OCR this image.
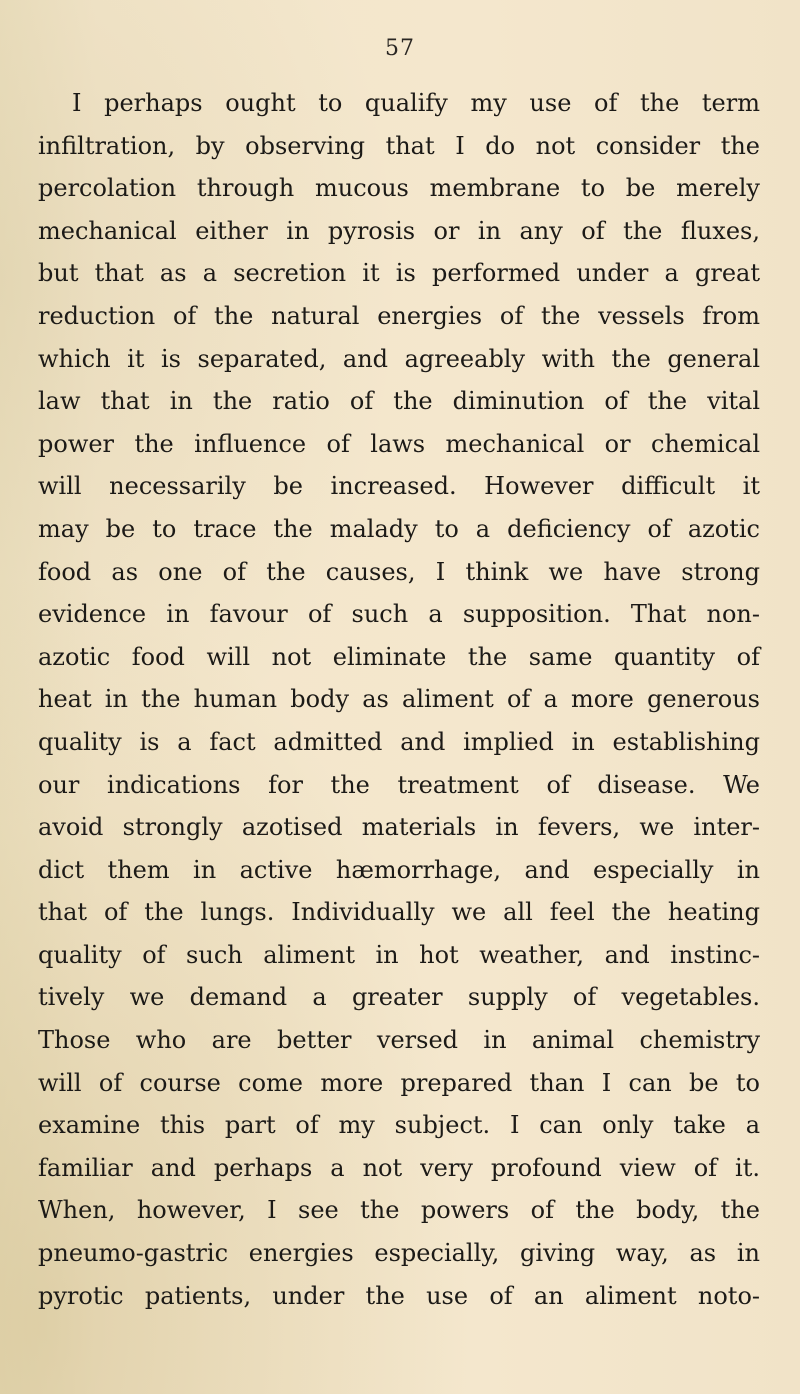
57
I perhaps ought to qualify my use of the term
infiltration, by observing that I do not consider the
percolation through mucous membrane to be merely
mechanical either in pyrosis or in any of the fluxes,
but that as a secretion it is performed under a great
reduction of the natural energies of the vessels from
which it is separated, and agreeably with the general
law that in the ratio of the diminution of the vital
power the influence of laws mechanical or chemical
will necessarily be increased. However difficult it
may be to trace the malady to a deficiency of azotic
food as one of the causes, I think we have strong
evidence in favour of such a supposition. That non-
azotic food will not eliminate the same quantity of
heat in the human body as aliment of a more generous
quality is a fact admitted and implied in establishing
our indications for the treatment of disease. We
avoid strongly azotised materials in fevers, we inter-
dict them in active hæmorrhage, and especially in
that of the lungs. Individually we all feel the heating
quality of such aliment in hot weather, and instinc-
tively we demand a greater supply of vegetables.
Those who are better versed in animal chemistry
will of course come more prepared than I can be to
examine this part of my subject. I can only take a
familiar and perhaps a not very profound view of it.
When, however, I see the powers of the body, the
pneumo-gastric energies especially, giving way, as in
pyrotic patients, under the use of an aliment noto-
